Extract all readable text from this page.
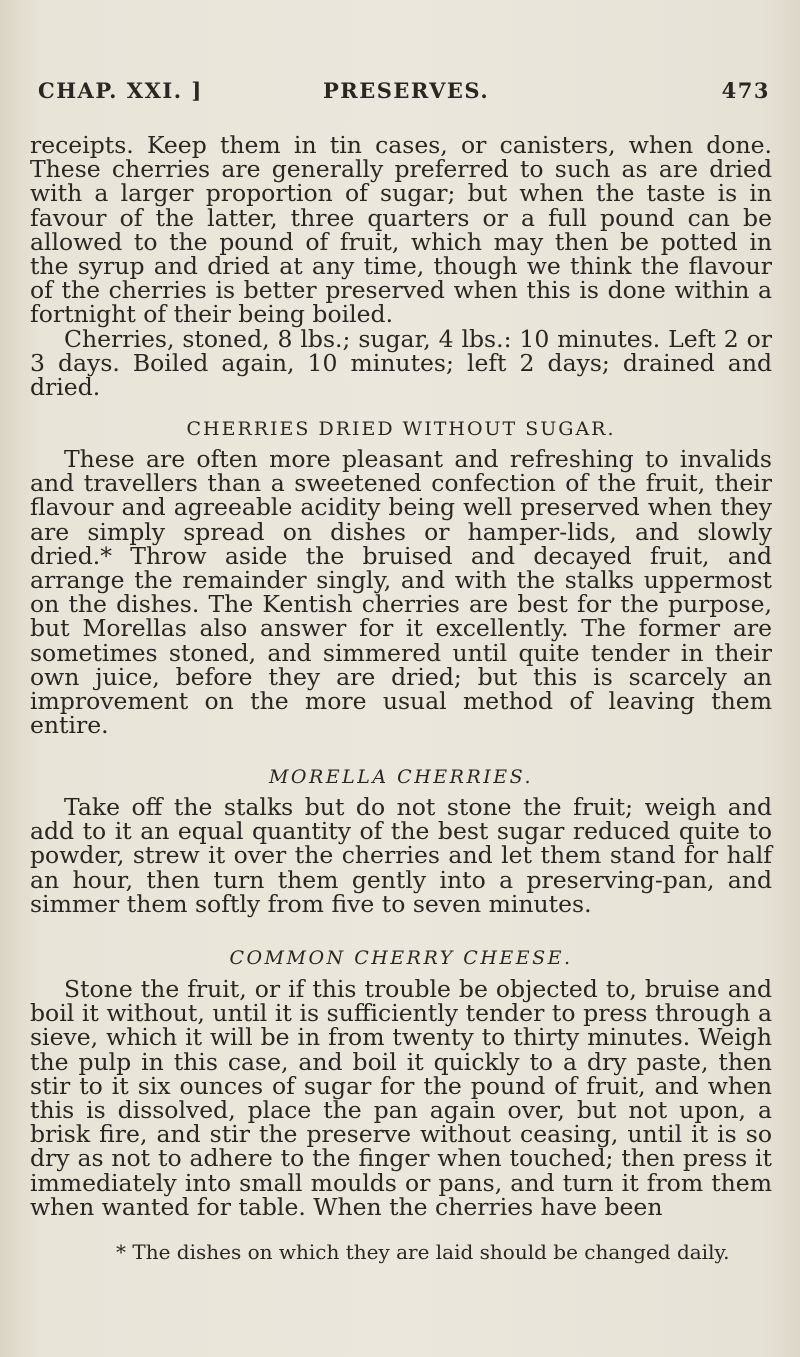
CHAP. XXI. ]	PRESERVES.	473

receipts. Keep them in tin cases, or canisters, when done. These cherries are generally preferred to such as are dried with a larger proportion of sugar; but when the taste is in favour of the latter, three quarters or a full pound can be allowed to the pound of fruit, which may then be potted in the syrup and dried at any time, though we think the flavour of the cherries is better preserved when this is done within a fortnight of their being boiled.

Cherries, stoned, 8 lbs.; sugar, 4 lbs.: 10 minutes. Left 2 or 3 days. Boiled again, 10 minutes; left 2 days; drained and dried.

CHERRIES DRIED WITHOUT SUGAR.

These are often more pleasant and refreshing to invalids and travellers than a sweetened confection of the fruit, their flavour and agreeable acidity being well preserved when they are simply spread on dishes or hamper-lids, and slowly dried.* Throw aside the bruised and decayed fruit, and arrange the remainder singly, and with the stalks uppermost on the dishes. The Kentish cherries are best for the purpose, but Morellas also answer for it excellently. The former are sometimes stoned, and simmered until quite tender in their own juice, before they are dried; but this is scarcely an improvement on the more usual method of leaving them entire.

MORELLA CHERRIES.

Take off the stalks but do not stone the fruit; weigh and add to it an equal quantity of the best sugar reduced quite to powder, strew it over the cherries and let them stand for half an hour, then turn them gently into a preserving-pan, and simmer them softly from five to seven minutes.

COMMON CHERRY CHEESE.

Stone the fruit, or if this trouble be objected to, bruise and boil it without, until it is sufficiently tender to press through a sieve, which it will be in from twenty to thirty minutes. Weigh the pulp in this case, and boil it quickly to a dry paste, then stir to it six ounces of sugar for the pound of fruit, and when this is dissolved, place the pan again over, but not upon, a brisk fire, and stir the preserve without ceasing, until it is so dry as not to adhere to the finger when touched; then press it immediately into small moulds or pans, and turn it from them when wanted for table. When the cherries have been

* The dishes on which they are laid should be changed daily.
